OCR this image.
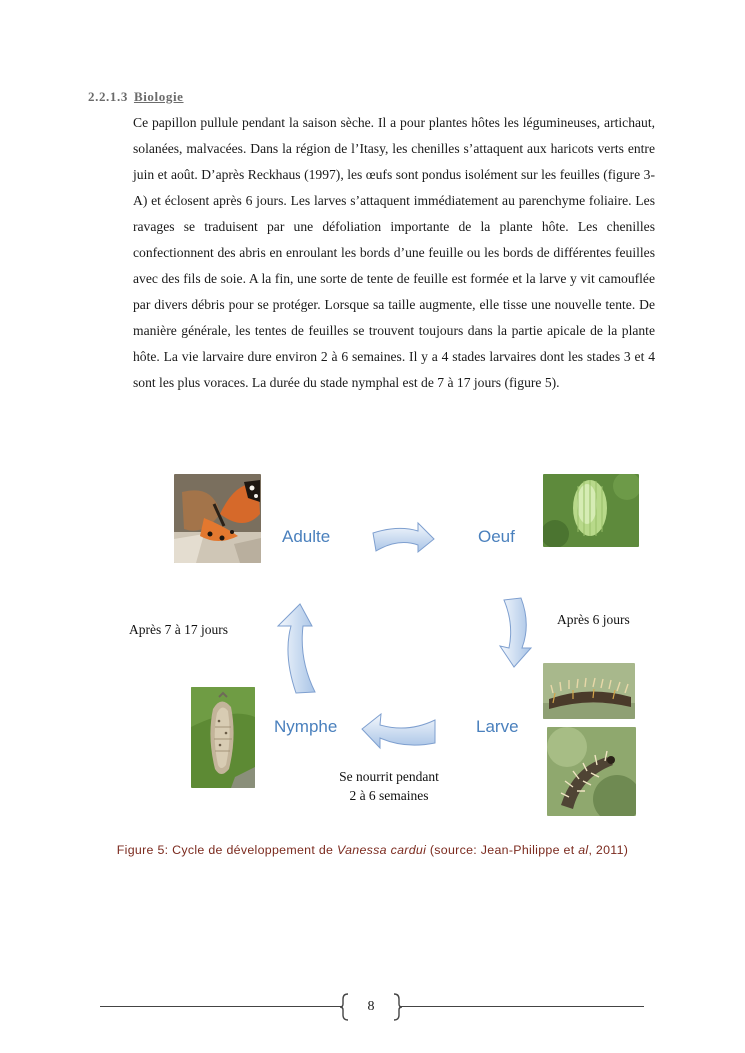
2.2.1.3 Biologie
Ce papillon pullule pendant la saison sèche. Il a pour plantes hôtes les légumineuses, artichaut, solanées, malvacées. Dans la région de l’Itasy, les chenilles s’attaquent aux haricots verts entre juin et août. D’après Reckhaus (1997), les œufs sont pondus isolément sur les feuilles (figure 3-A) et éclosent après 6 jours. Les larves s’attaquent immédiatement au parenchyme foliaire. Les ravages se traduisent par une défoliation importante de la plante hôte. Les chenilles confectionnent des abris en enroulant les bords d’une feuille ou les bords de différentes feuilles avec des fils de soie. A la fin, une sorte de tente de feuille est formée et la larve y vit camouflée par divers débris pour se protéger. Lorsque sa taille augmente, elle tisse une nouvelle tente. De manière générale, les tentes de feuilles se trouvent toujours dans la partie apicale de la plante hôte. La vie larvaire dure environ 2 à 6 semaines. Il y a 4 stades larvaires dont les stades 3 et 4 sont les plus voraces. La durée du stade nymphal est de 7 à 17 jours (figure 5).
Adulte	Oeuf
Larve
Nymphe
Après 6 jours
Après 7 à 17 jours
Se nourrit pendant
2 à 6 semaines
Figure 5: Cycle de développement de Vanessa cardui (source: Jean-Philippe et al, 2011)
8
